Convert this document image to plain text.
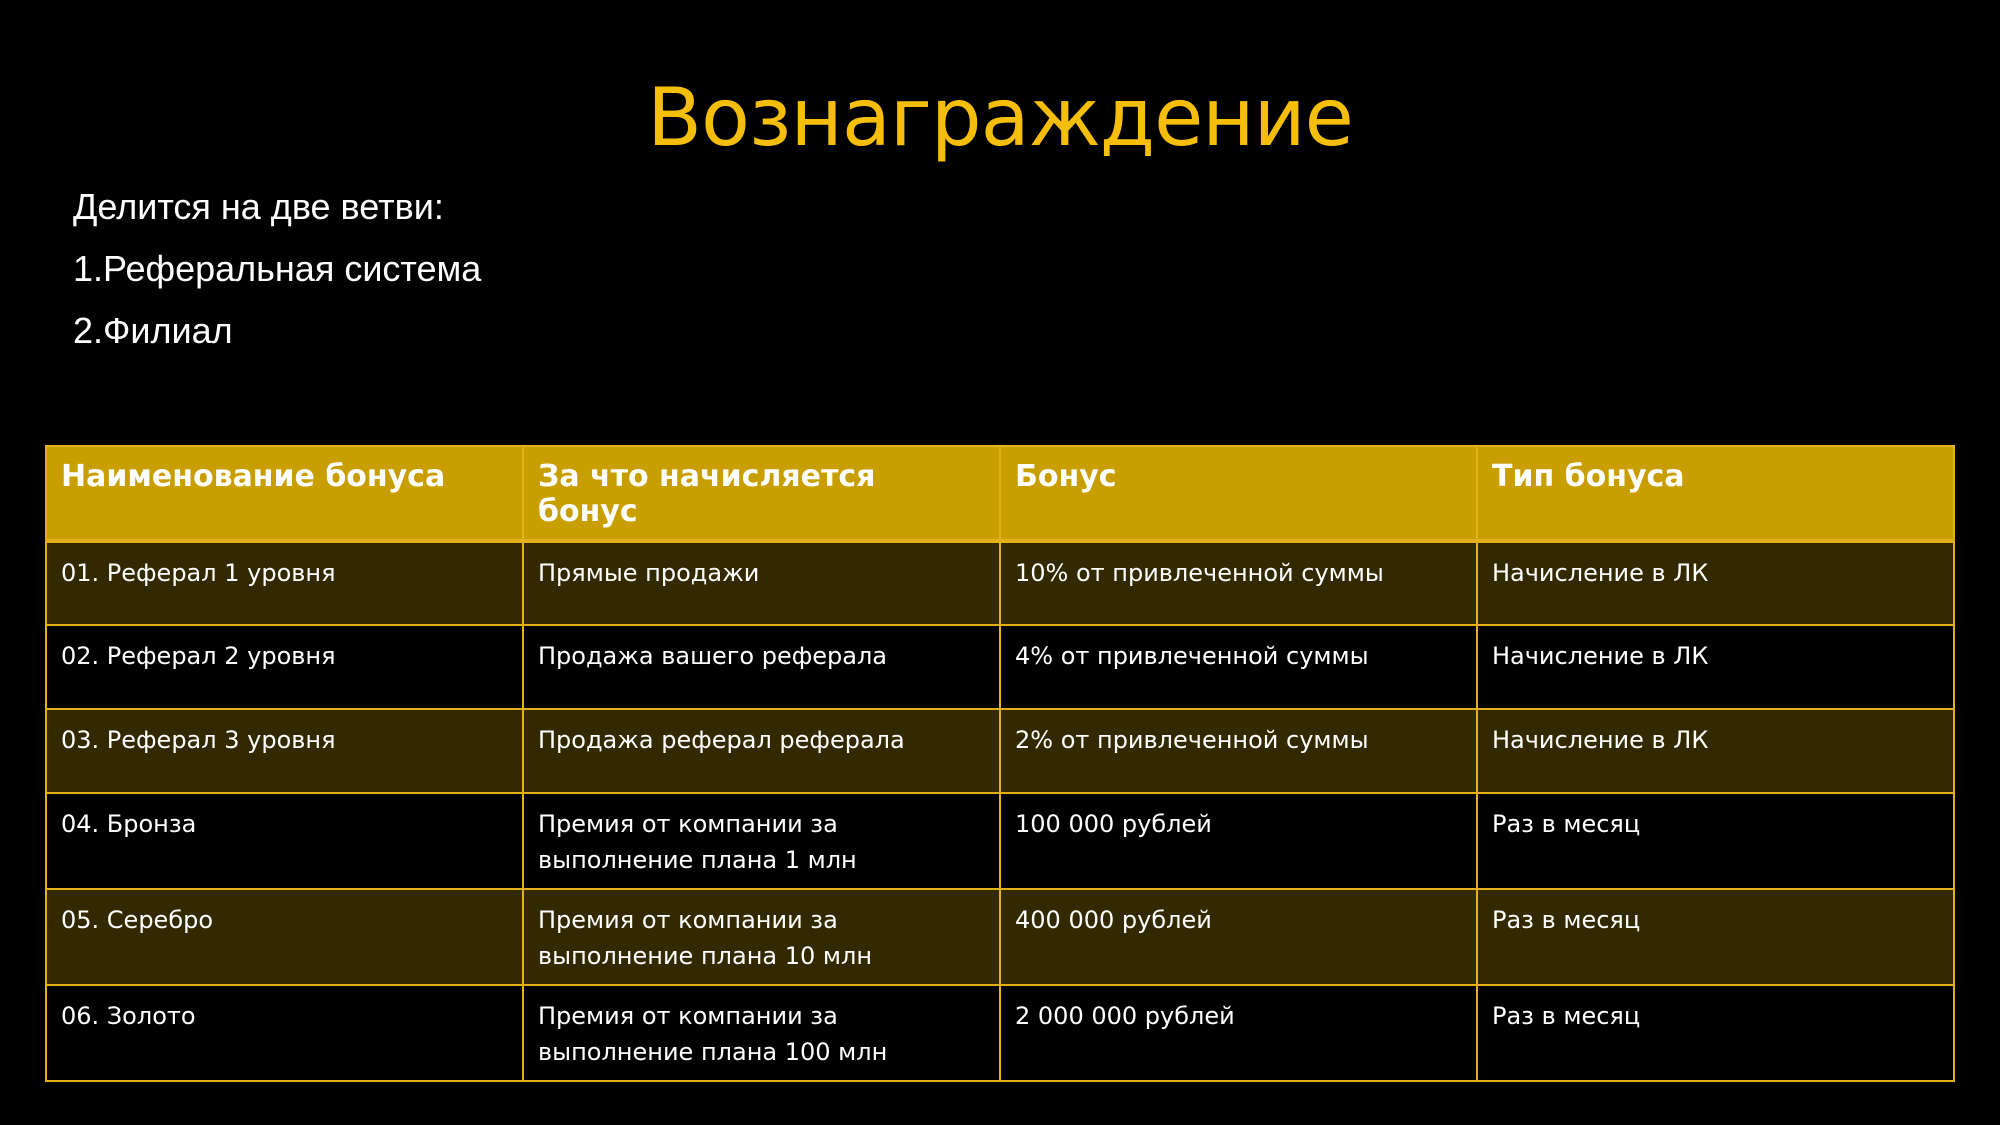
Вознаграждение
Делится на две ветви:
1.Реферальная система
2.Филиал
Наименование бонуса	За что начисляется бонус	Бонус	Тип бонуса
01. Реферал 1 уровня	Прямые продажи	10% от привлеченной суммы	Начисление в ЛК
02. Реферал 2 уровня	Продажа вашего реферала	4% от привлеченной суммы	Начисление в ЛК
03. Реферал 3 уровня	Продажа реферал реферала	2% от привлеченной суммы	Начисление в ЛК
04. Бронза	Премия от компании за выполнение плана 1 млн	100 000 рублей	Раз в месяц
05. Серебро	Премия от компании за выполнение плана 10 млн	400 000 рублей	Раз в месяц
06. Золото	Премия от компании за выполнение плана 100 млн	2 000 000 рублей	Раз в месяц
